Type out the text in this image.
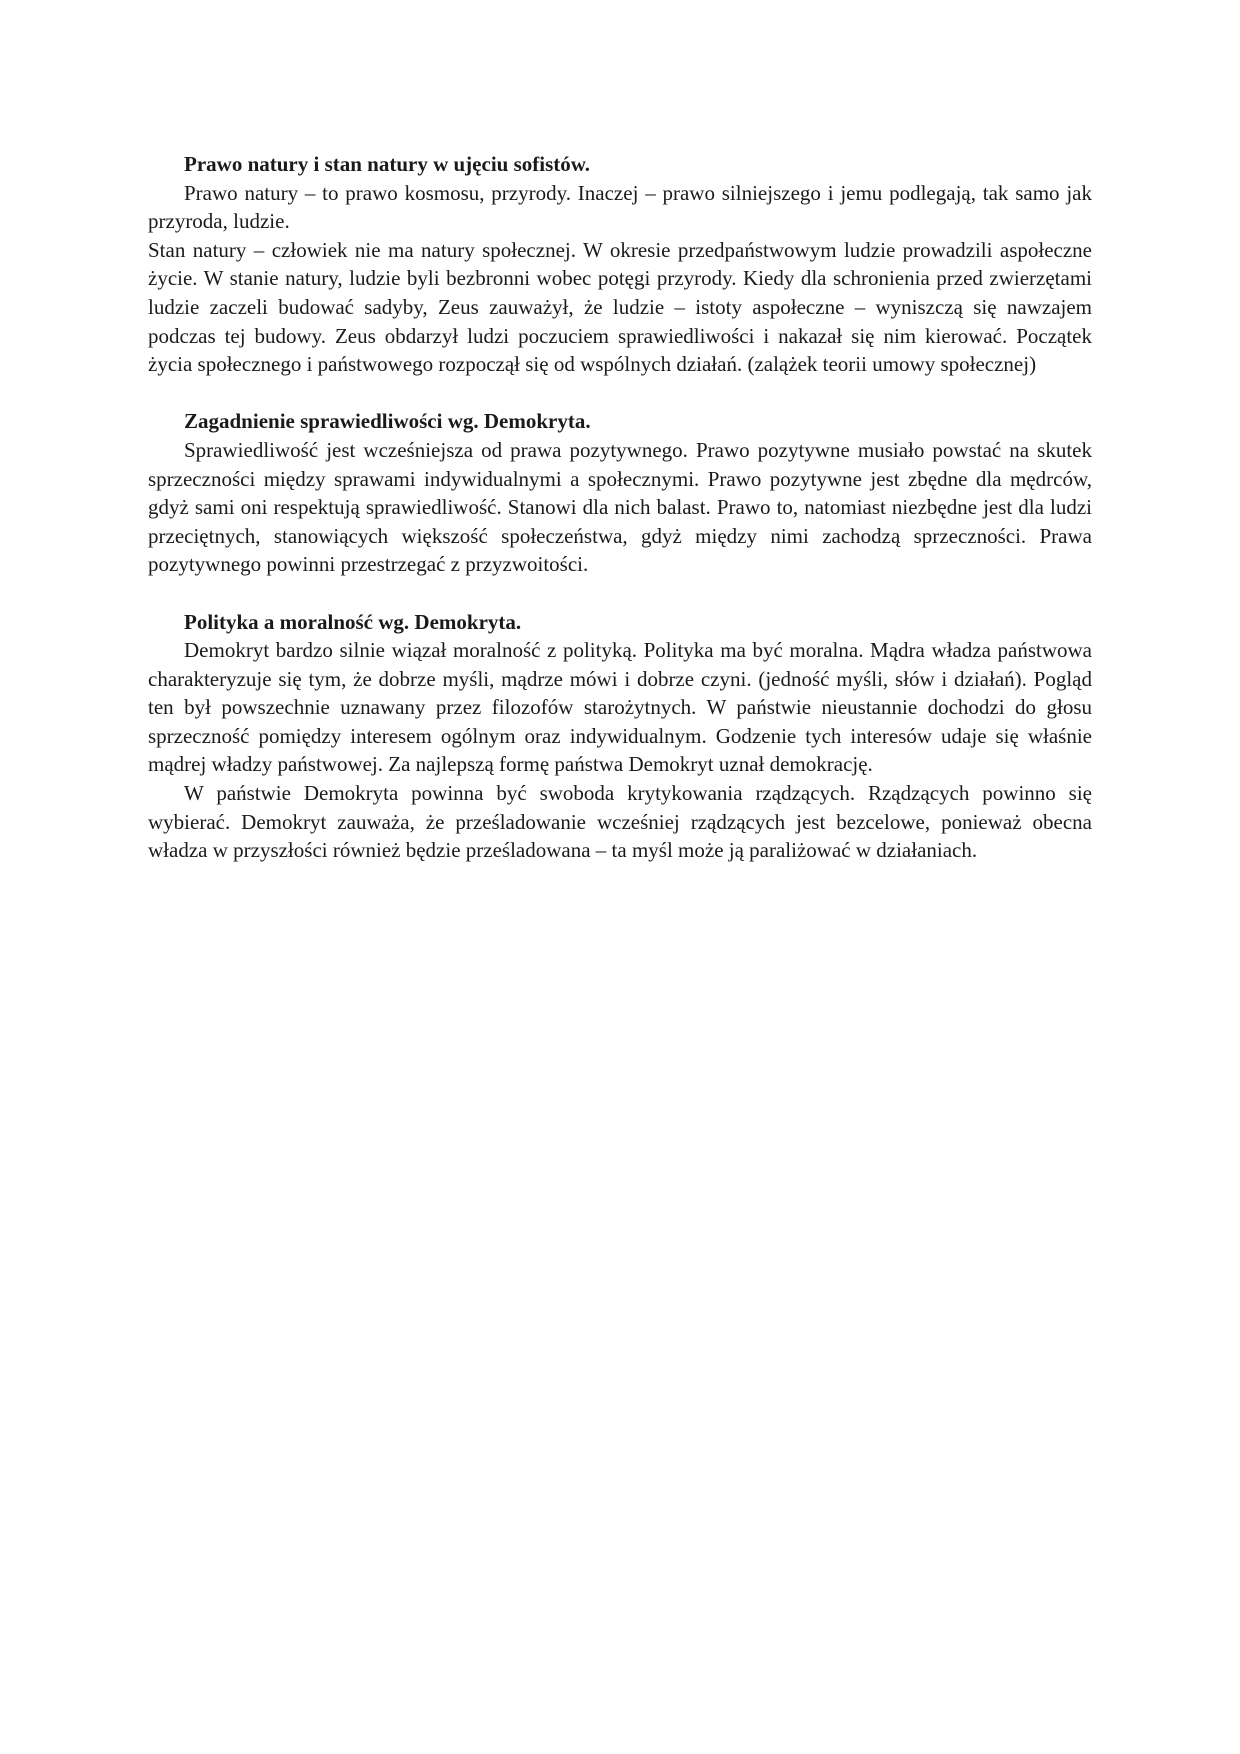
Prawo natury i stan natury w ujęciu sofistów.

Prawo natury – to prawo kosmosu, przyrody. Inaczej – prawo silniejszego i jemu podlegają, tak samo jak przyroda, ludzie.

Stan natury – człowiek nie ma natury społecznej. W okresie przedpaństwowym ludzie prowadzili aspołeczne życie. W stanie natury, ludzie byli bezbronni wobec potęgi przyrody. Kiedy dla schronienia przed zwierzętami ludzie zaczeli budować sadyby, Zeus zauważył, że ludzie – istoty aspołeczne – wyniszczą się nawzajem podczas tej budowy. Zeus obdarzył ludzi poczuciem sprawiedliwości i nakazał się nim kierować. Początek życia społecznego i państwowego rozpoczął się od wspólnych działań. (zalążek teorii umowy społecznej)

Zagadnienie sprawiedliwości wg. Demokryta.

Sprawiedliwość jest wcześniejsza od prawa pozytywnego. Prawo pozytywne musiało powstać na skutek sprzeczności między sprawami indywidualnymi a społecznymi. Prawo pozytywne jest zbędne dla mędrców, gdyż sami oni respektują sprawiedliwość. Stanowi dla nich balast. Prawo to, natomiast niezbędne jest dla ludzi przeciętnych, stanowiących większość społeczeństwa, gdyż między nimi zachodzą sprzeczności. Prawa pozytywnego powinni przestrzegać z przyzwoitości.

Polityka a moralność wg. Demokryta.

Demokryt bardzo silnie wiązał moralność z polityką. Polityka ma być moralna. Mądra władza państwowa charakteryzuje się tym, że dobrze myśli, mądrze mówi i dobrze czyni. (jedność myśli, słów i działań). Pogląd ten był powszechnie uznawany przez filozofów starożytnych. W państwie nieustannie dochodzi do głosu sprzeczność pomiędzy interesem ogólnym oraz indywidualnym. Godzenie tych interesów udaje się właśnie mądrej władzy państwowej. Za najlepszą formę państwa Demokryt uznał demokrację.

W państwie Demokryta powinna być swoboda krytykowania rządzących. Rządzących powinno się wybierać. Demokryt zauważa, że prześladowanie wcześniej rządzących jest bezcelowe, ponieważ obecna władza w przyszłości również będzie prześladowana – ta myśl może ją paraliżować w działaniach.
